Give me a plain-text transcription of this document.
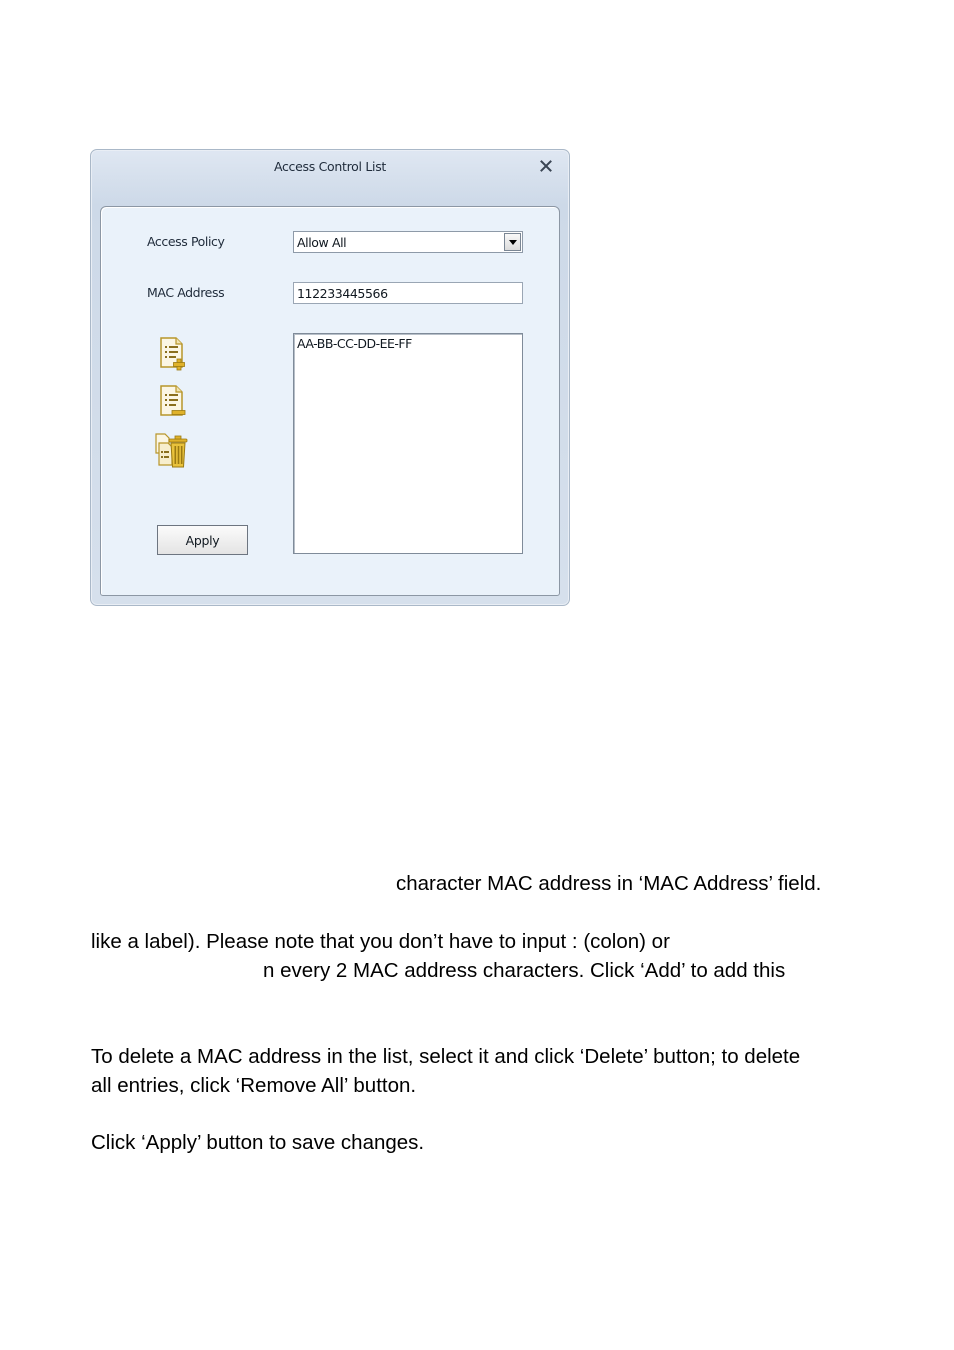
Access Control List
Access Policy	Allow All
MAC Address
112233445566
AA-BB-CC-DD-EE-FF
Apply
character MAC address in ‘MAC Address’ field.
like a label). Please note that you don’t have to input : (colon) or
n every 2 MAC address characters. Click ‘Add’ to add this
To delete a MAC address in the list, select it and click ‘Delete’ button; to delete
all entries, click ‘Remove All’ button.
Click ‘Apply’ button to save changes.
